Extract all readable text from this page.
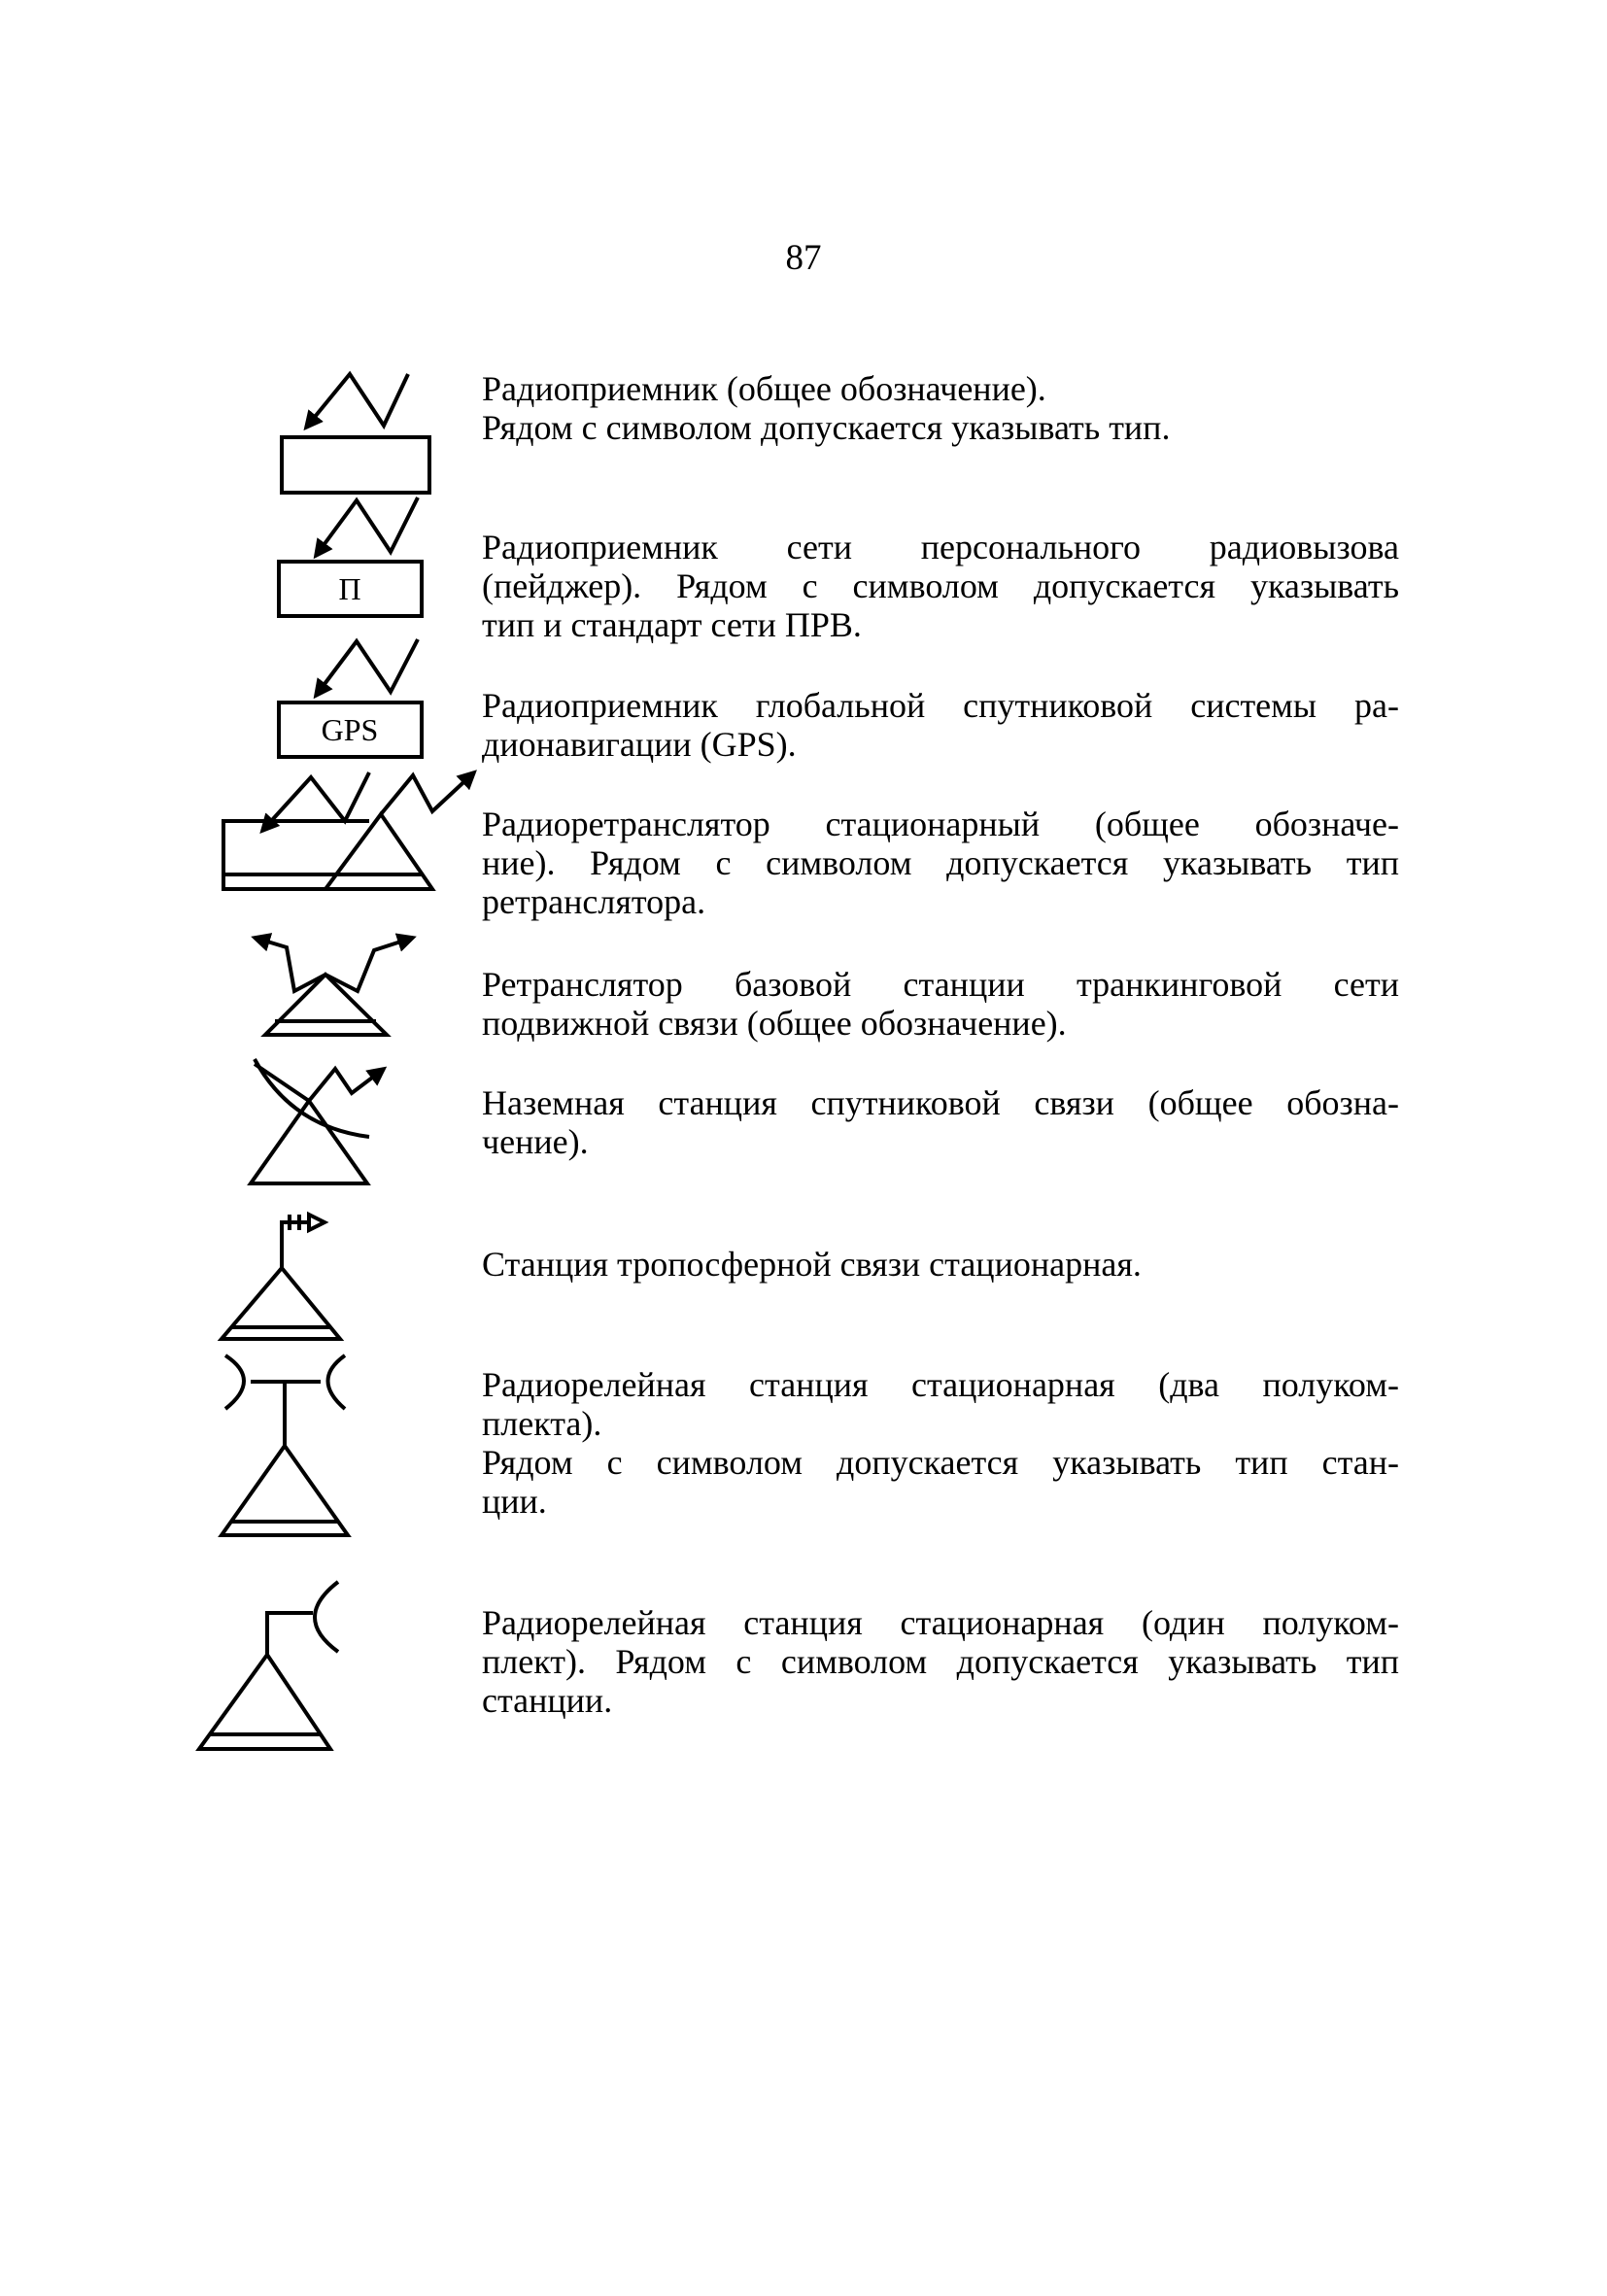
87
П
GPS
Радиоприемник (общее обозначение).
Рядом с символом допускается указывать тип.
Радиоприемник сети персонального радиовызова
(пейджер). Рядом с символом допускается указывать
тип и стандарт сети ПРВ.
Радиоприемник глобальной спутниковой системы ра-
дионавигации (GPS).
Радиоретранслятор стационарный (общее обозначе-
ние). Рядом с символом допускается указывать тип
ретранслятора.
Ретранслятор базовой станции транкинговой сети
подвижной связи (общее обозначение).
Наземная станция спутниковой связи (общее обозна-
чение).
Станция тропосферной связи стационарная.
Радиорелейная станция стационарная (два полуком-
плекта).
Рядом с символом допускается указывать тип стан-
ции.
Радиорелейная станция стационарная (один полуком-
плект). Рядом с символом допускается указывать тип
станции.
